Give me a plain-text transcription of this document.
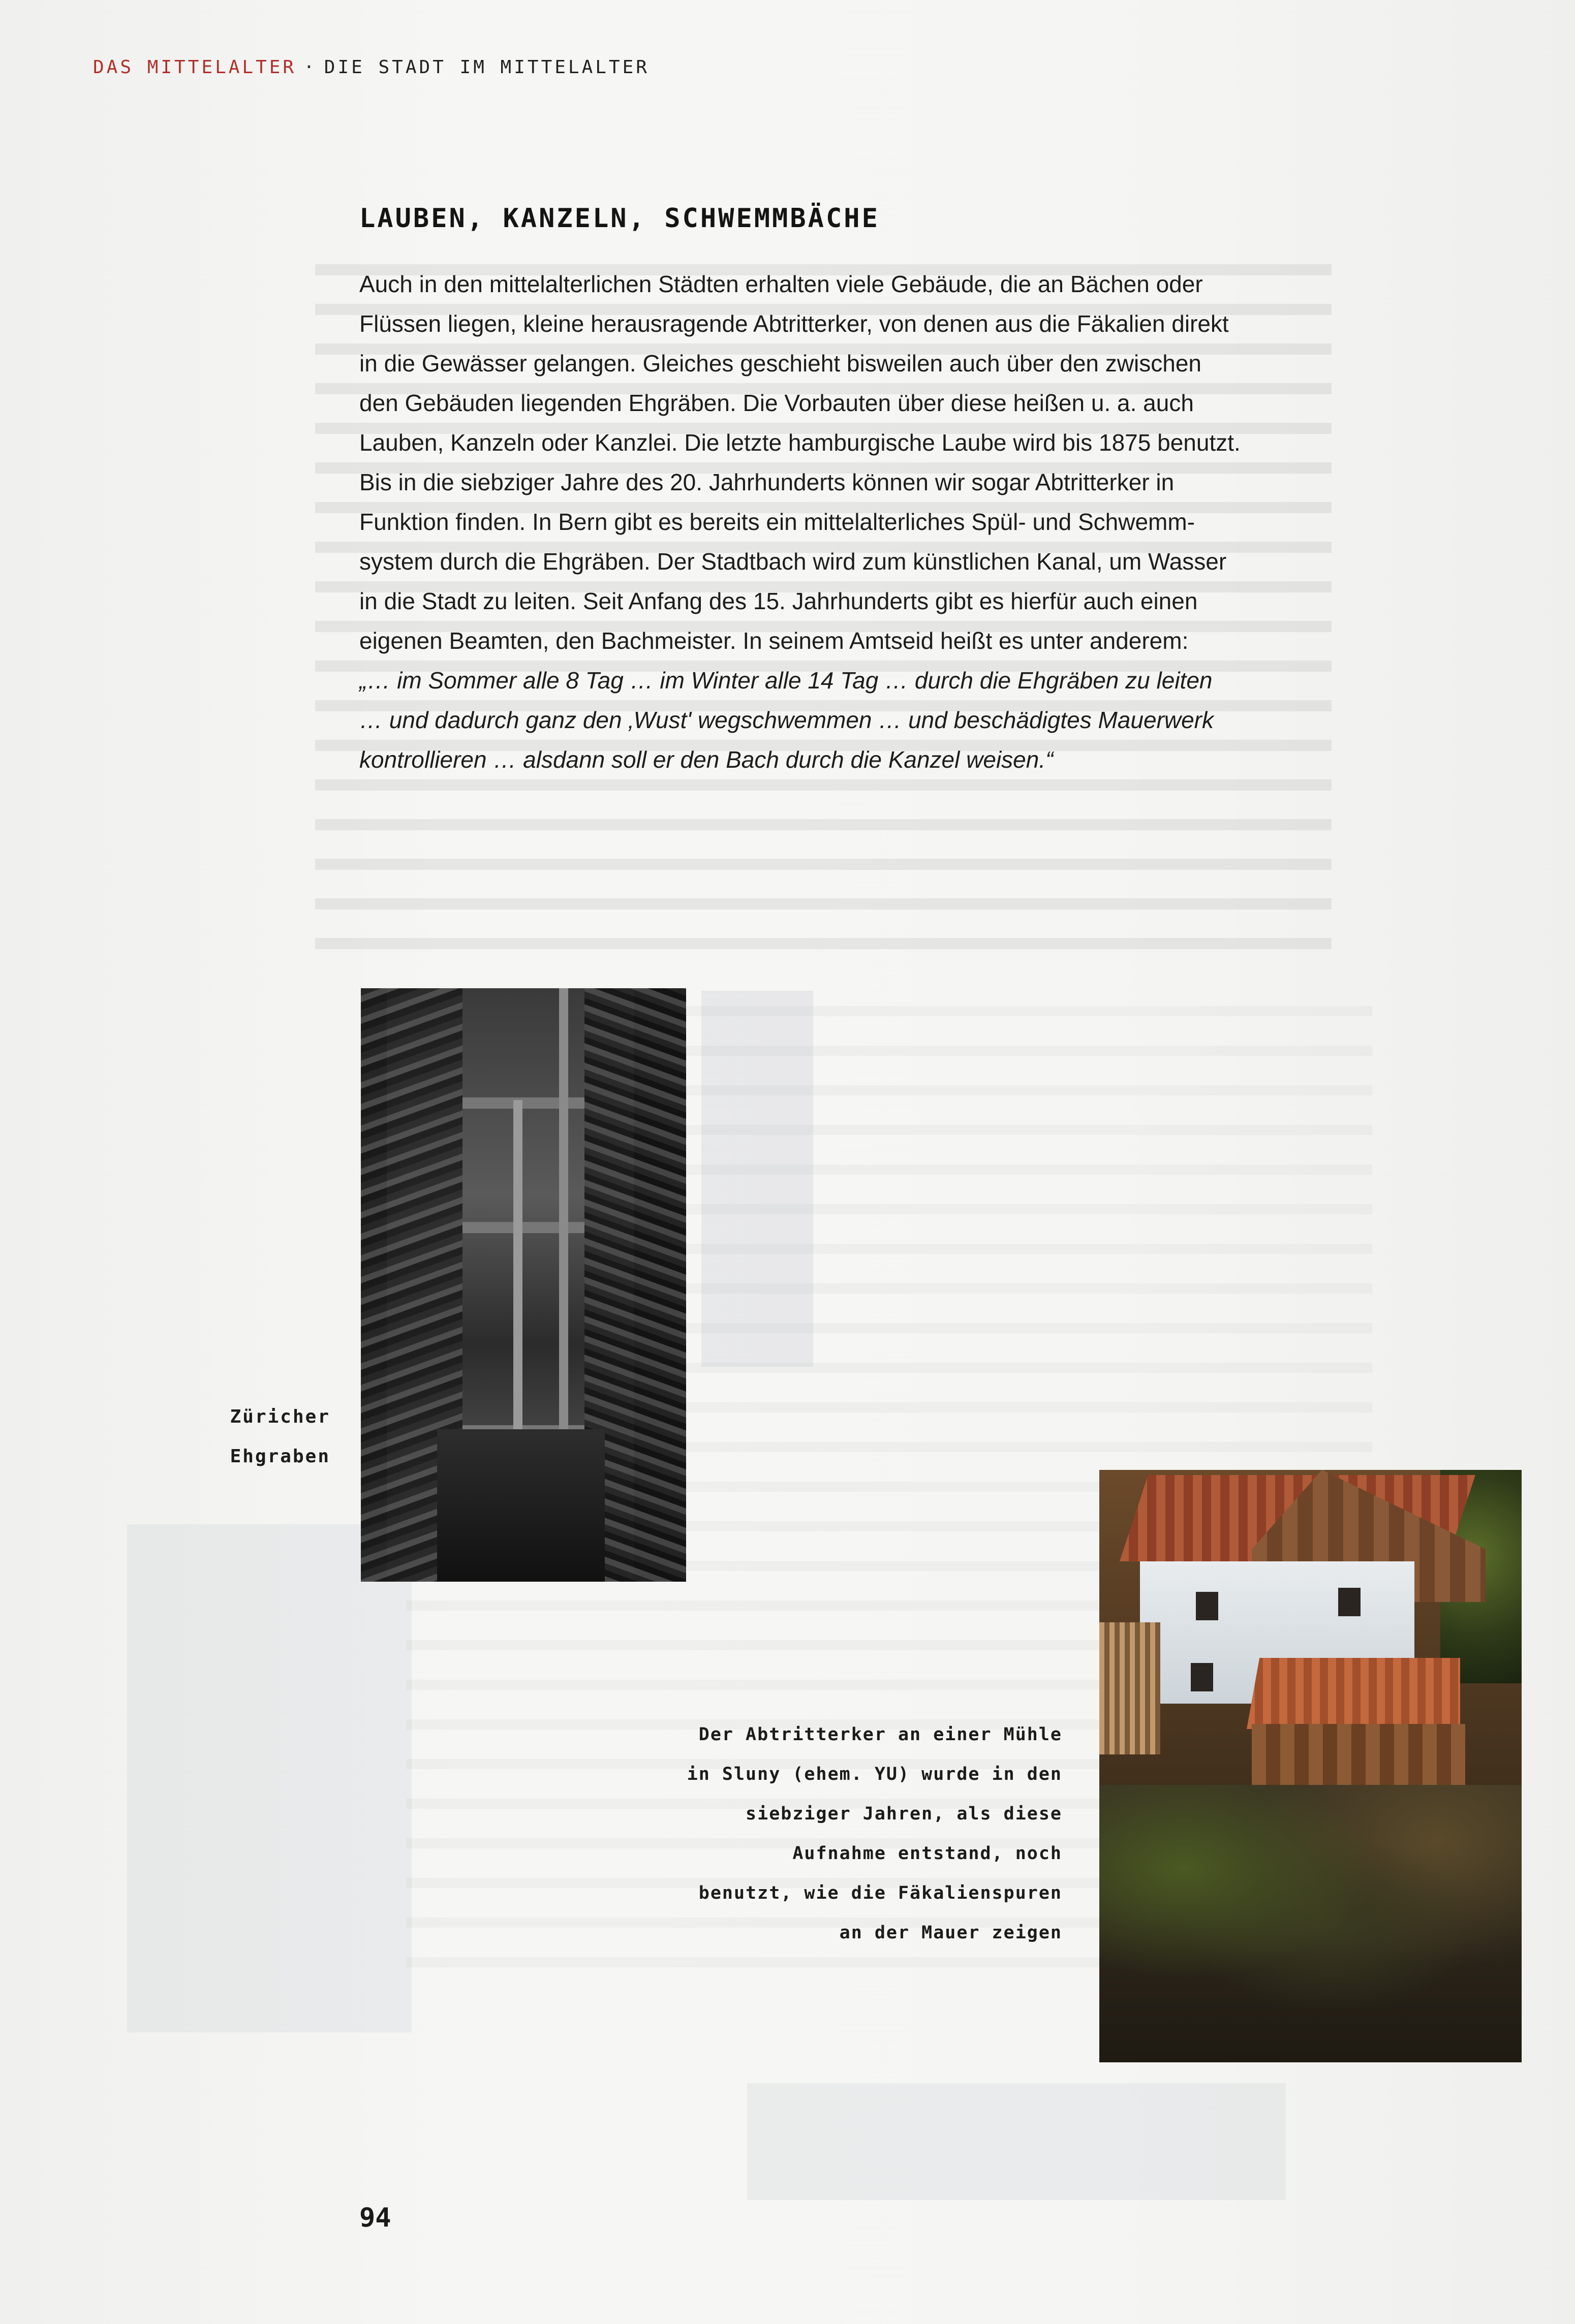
DAS MITTELALTER · DIE STADT IM MITTELALTER
LAUBEN, KANZELN, SCHWEMMBÄCHE

Auch in den mittelalterlichen Städten erhalten viele Gebäude, die an Bächen oder

Flüssen liegen, kleine herausragende Abtritterker, von denen aus die Fäkalien direkt

in die Gewässer gelangen. Gleiches geschieht bisweilen auch über den zwischen

den Gebäuden liegenden Ehgräben. Die Vorbauten über diese heißen u. a. auch

Lauben, Kanzeln oder Kanzlei. Die letzte hamburgische Laube wird bis 1875 benutzt.

Bis in die siebziger Jahre des 20. Jahrhunderts können wir sogar Abtritterker in

Funktion finden. In Bern gibt es bereits ein mittelalterliches Spül- und Schwemm-

system durch die Ehgräben. Der Stadtbach wird zum künstlichen Kanal, um Wasser

in die Stadt zu leiten. Seit Anfang des 15. Jahrhunderts gibt es hierfür auch einen

eigenen Beamten, den Bachmeister. In seinem Amtseid heißt es unter anderem:

„… im Sommer alle 8 Tag … im Winter alle 14 Tag … durch die Ehgräben zu leiten

… und dadurch ganz den ‚Wust' wegschwemmen … und beschädigtes Mauerwerk

kontrollieren … alsdann soll er den Bach durch die Kanzel weisen.“

Züricher
Ehgraben
Der Abtritterker an einer Mühle
in Sluny (ehem. YU) wurde in den
siebziger Jahren, als diese
Aufnahme entstand, noch
benutzt, wie die Fäkalienspuren
an der Mauer zeigen
94
